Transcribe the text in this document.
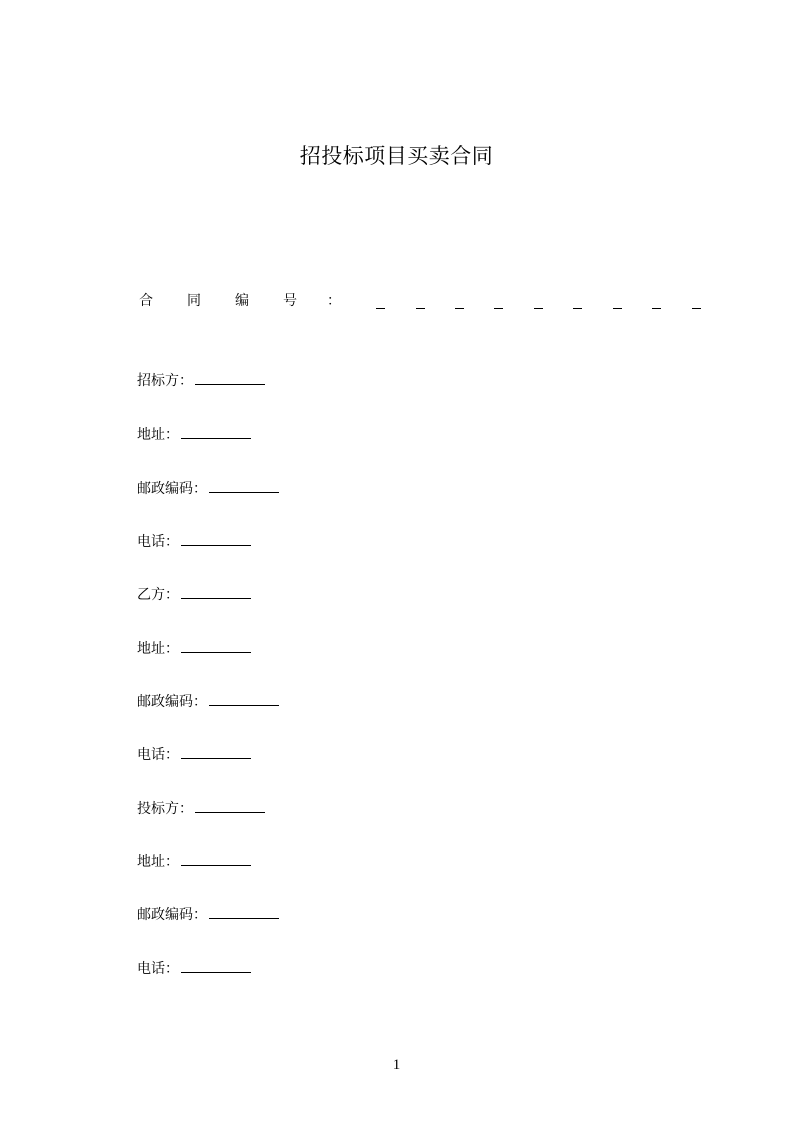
招投标项目买卖合同
合 同 编 号 ：
招标方：
地址：
邮政编码：
电话：
乙方：
地址：
邮政编码：
电话：
投标方：
地址：
邮政编码：
电话：
1
